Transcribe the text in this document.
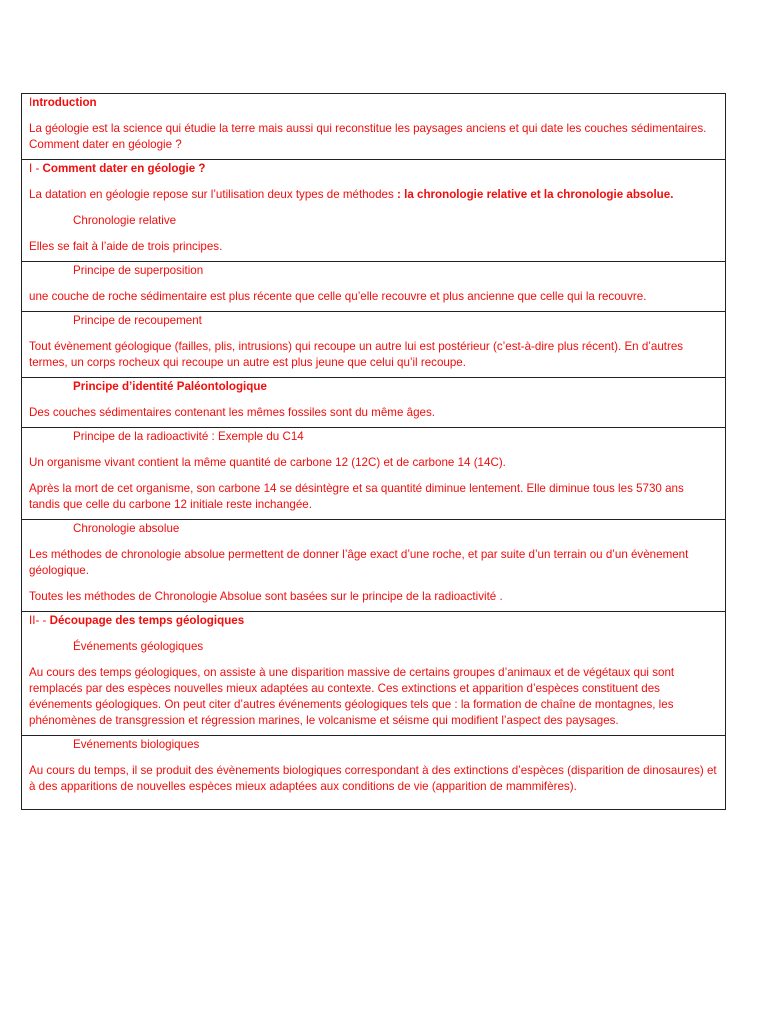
Introduction
La géologie est la science qui étudie la terre mais aussi qui reconstitue les paysages anciens et qui date les couches sédimentaires. Comment dater en géologie ?
I - Comment dater en géologie ?
La datation en géologie repose sur l’utilisation deux types de méthodes : la chronologie relative et la chronologie absolue.
Chronologie relative
Elles se fait à l’aide de trois principes.
Principe de superposition
une couche de roche sédimentaire est plus récente que celle qu’elle recouvre et plus ancienne que celle qui la recouvre.
Principe de recoupement
Tout évènement géologique (failles, plis, intrusions) qui recoupe un autre lui est postérieur (c’est-à-dire plus récent). En d’autres termes, un corps rocheux qui recoupe un autre est plus jeune que celui qu’il recoupe.
Principe d’identité Paléontologique
Des couches sédimentaires contenant les mêmes fossiles sont du même âges.
Principe de la radioactivité : Exemple du C14
Un organisme vivant contient la même quantité de carbone 12 (12C) et de carbone 14 (14C).
Après la mort de cet organisme, son carbone 14 se désintègre et sa quantité diminue lentement. Elle diminue tous les 5730 ans tandis que celle du carbone 12 initiale reste inchangée.
Chronologie absolue
Les méthodes de chronologie absolue permettent de donner l’âge exact d’une roche, et par suite d’un terrain ou d’un évènement géologique.
Toutes les méthodes de Chronologie Absolue sont basées sur le principe de la radioactivité .
II- - Découpage des temps géologiques
Événements géologiques
Au cours des temps géologiques, on assiste à une disparition massive de certains groupes d’animaux et de végétaux qui sont remplacés par des espèces nouvelles mieux adaptées au contexte. Ces extinctions et apparition d’espèces constituent des événements géologiques. On peut citer d’autres événements géologiques tels que : la formation de chaîne de montagnes, les phénomènes de transgression et régression marines, le volcanisme et séisme qui modifient l’aspect des paysages.
Evénements biologiques
Au cours du temps, il se produit des évènements biologiques correspondant à des extinctions d’espèces (disparition de dinosaures) et à des apparitions de nouvelles espèces mieux adaptées aux conditions de vie (apparition de mammifères).
